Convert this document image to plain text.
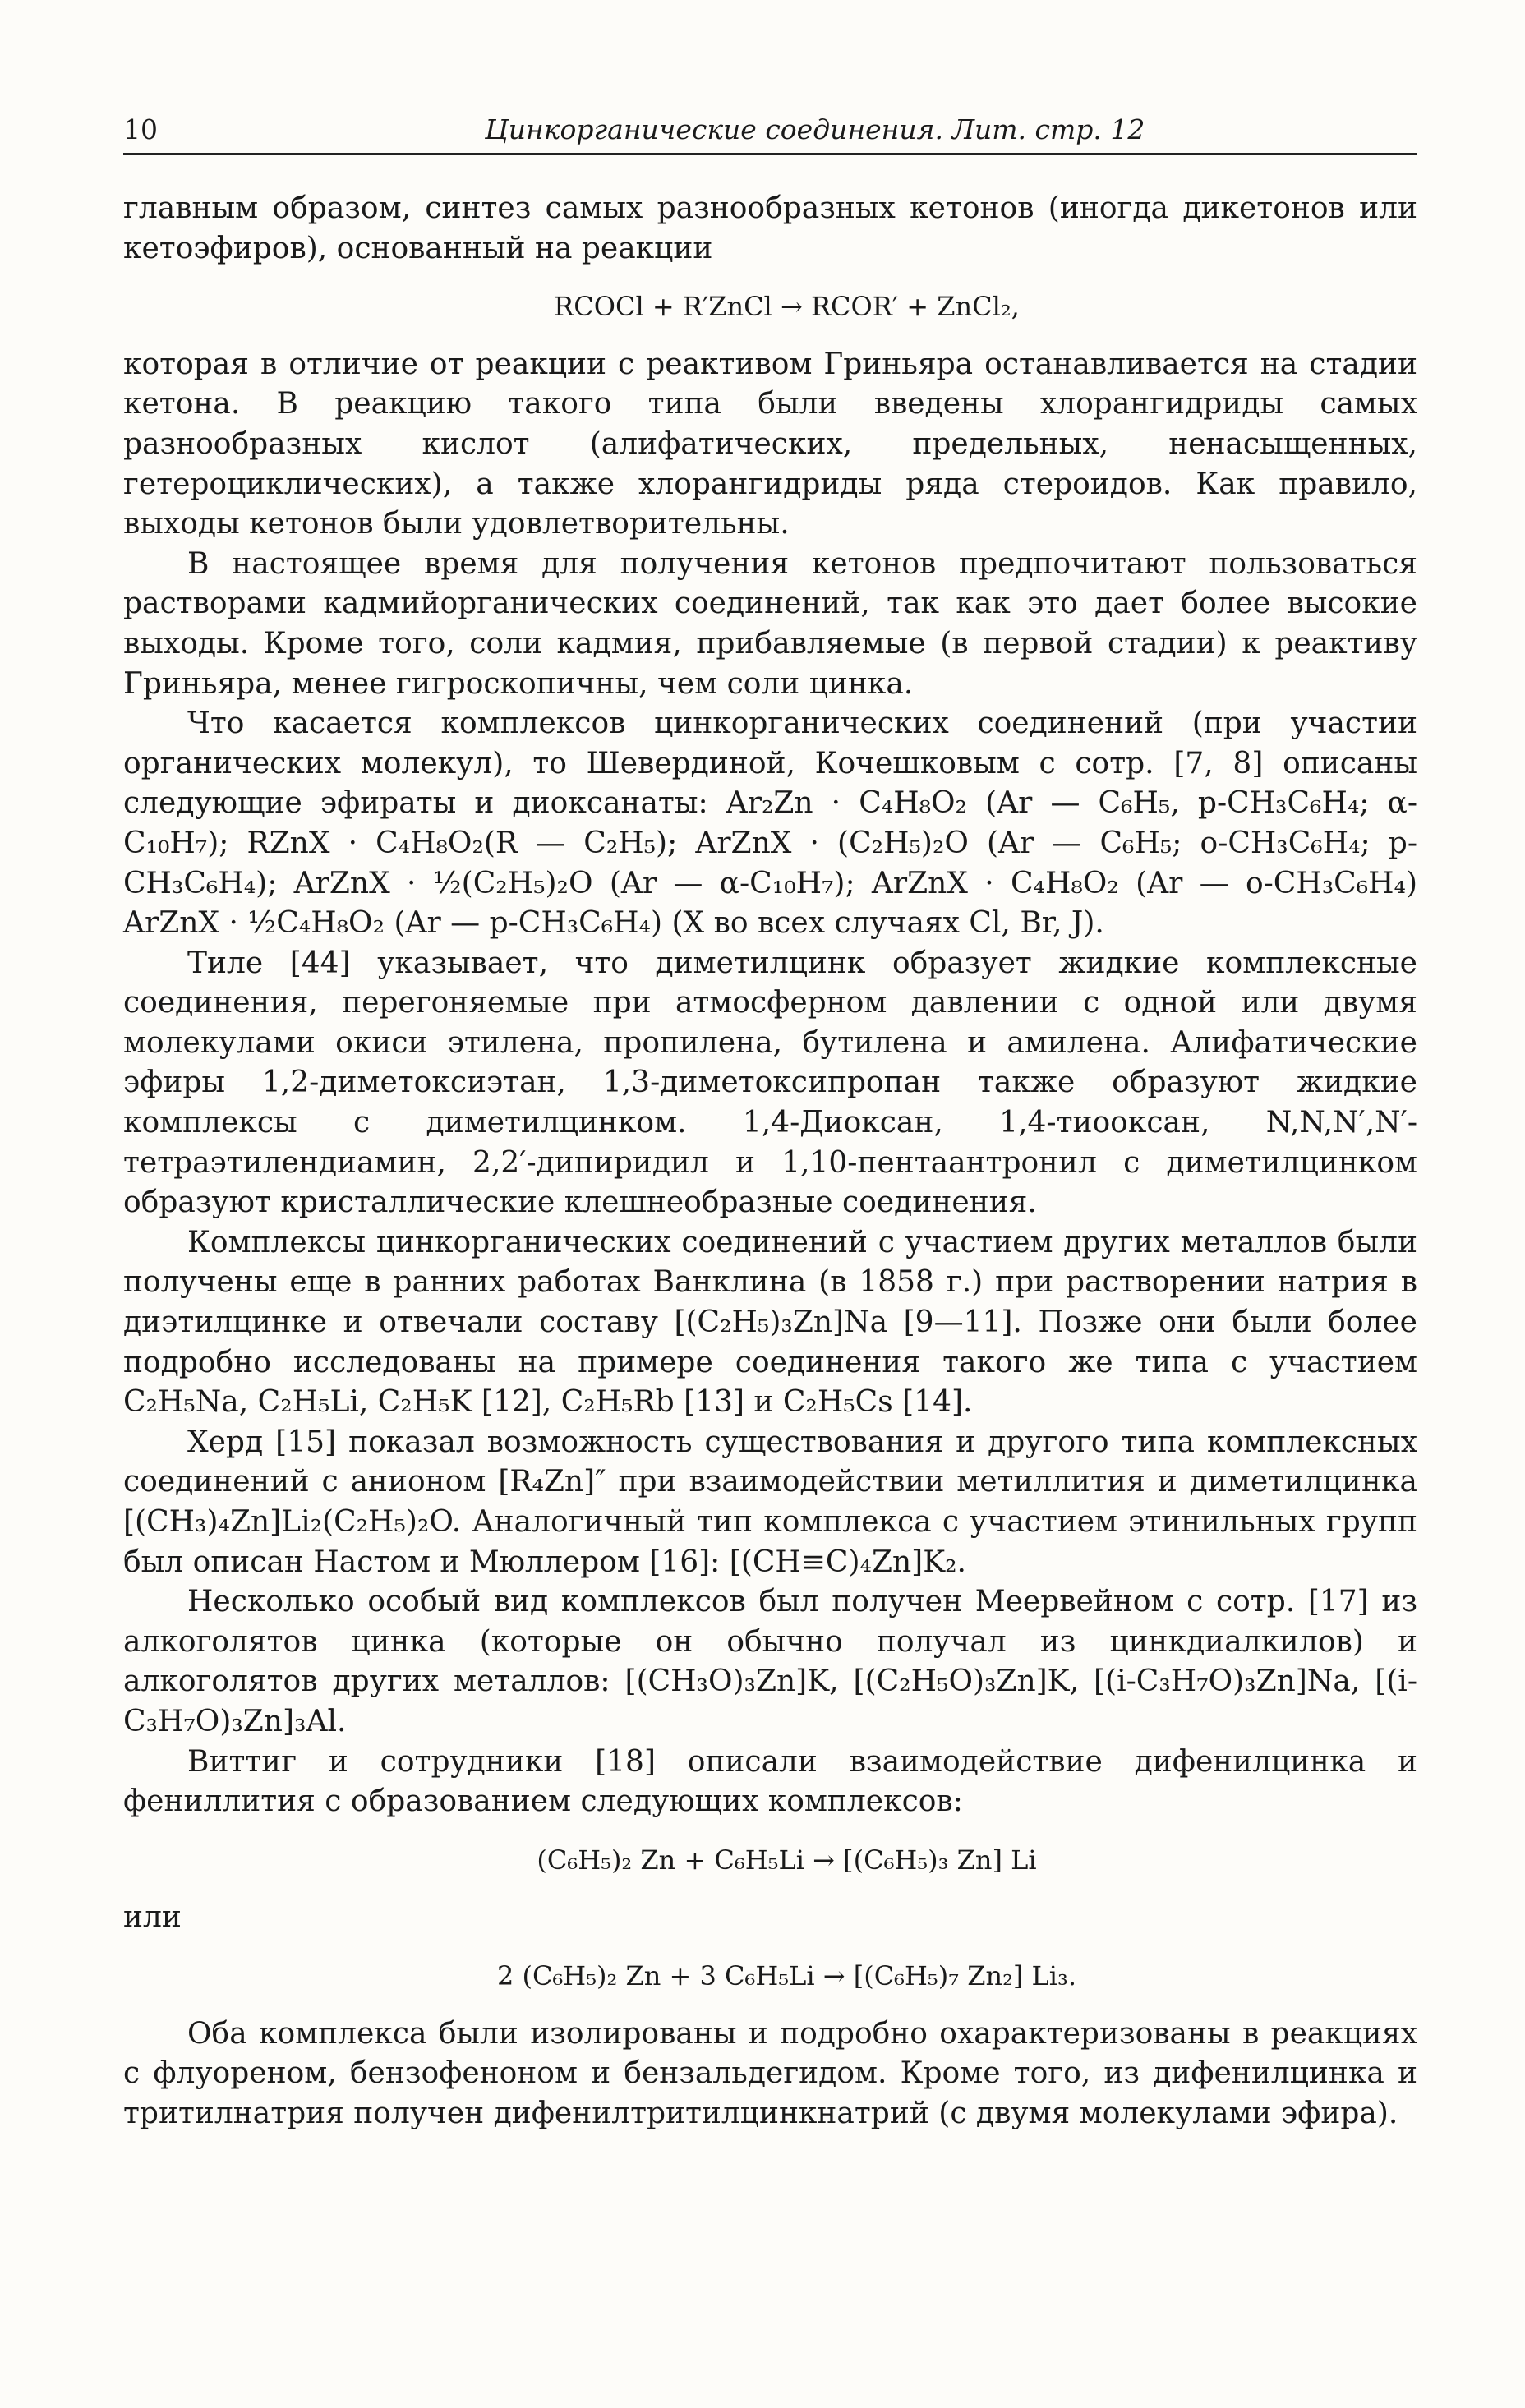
10	Цинкорганические соединения. Лит. стр. 12

главным образом, синтез самых разнообразных кетонов (иногда дикетонов или кетоэфиров), основанный на реакции

RCOCl + R′ZnCl → RCOR′ + ZnCl₂,

которая в отличие от реакции с реактивом Гриньяра останавливается на стадии кетона. В реакцию такого типа были введены хлорангидриды самых разнообразных кислот (алифатических, предельных, ненасыщенных, гетероциклических), а также хлорангидриды ряда стероидов. Как правило, выходы кетонов были удовлетворительны.

В настоящее время для получения кетонов предпочитают пользоваться растворами кадмийорганических соединений, так как это дает более высокие выходы. Кроме того, соли кадмия, прибавляемые (в первой стадии) к реактиву Гриньяра, менее гигроскопичны, чем соли цинка.

Что касается комплексов цинкорганических соединений (при участии органических молекул), то Шевердиной, Кочешковым с сотр. [7, 8] описаны следующие эфираты и диоксанаты: Ar₂Zn · C₄H₈O₂ (Ar — C₆H₅, p-CH₃C₆H₄; α-C₁₀H₇); RZnX · C₄H₈O₂(R — C₂H₅); ArZnX · (C₂H₅)₂O (Ar — C₆H₅; o-CH₃C₆H₄; p-CH₃C₆H₄); ArZnX · ½(C₂H₅)₂O (Ar — α-C₁₀H₇); ArZnX · C₄H₈O₂ (Ar — o-CH₃C₆H₄) ArZnX · ½C₄H₈O₂ (Ar — p-CH₃C₆H₄) (X во всех случаях Cl, Br, J).

Тиле [44] указывает, что диметилцинк образует жидкие комплексные соединения, перегоняемые при атмосферном давлении с одной или двумя молекулами окиси этилена, пропилена, бутилена и амилена. Алифатические эфиры 1,2-диметоксиэтан, 1,3-диметоксипропан также образуют жидкие комплексы с диметилцинком. 1,4-Диоксан, 1,4-тиооксан, N,N,N′,N′-тетраэтилендиамин, 2,2′-дипиридил и 1,10-пентаантронил с диметилцинком образуют кристаллические клешнеобразные соединения.

Комплексы цинкорганических соединений с участием других металлов были получены еще в ранних работах Ванклина (в 1858 г.) при растворении натрия в диэтилцинке и отвечали составу [(C₂H₅)₃Zn]Na [9—11]. Позже они были более подробно исследованы на примере соединения такого же типа с участием C₂H₅Na, C₂H₅Li, C₂H₅K [12], C₂H₅Rb [13] и C₂H₅Cs [14].

Херд [15] показал возможность существования и другого типа комплексных соединений с анионом [R₄Zn]″ при взаимодействии метиллития и диметилцинка [(CH₃)₄Zn]Li₂(C₂H₅)₂O. Аналогичный тип комплекса с участием этинильных групп был описан Настом и Мюллером [16]: [(CH≡C)₄Zn]K₂.

Несколько особый вид комплексов был получен Меервейном с сотр. [17] из алкоголятов цинка (которые он обычно получал из цинкдиалкилов) и алкоголятов других металлов: [(CH₃O)₃Zn]K, [(C₂H₅O)₃Zn]K, [(i-C₃H₇O)₃Zn]Na, [(i-C₃H₇O)₃Zn]₃Al.

Виттиг и сотрудники [18] описали взаимодействие дифенилцинка и фениллития с образованием следующих комплексов:

(C₆H₅)₂ Zn + C₆H₅Li → [(C₆H₅)₃ Zn] Li

или

2 (C₆H₅)₂ Zn + 3 C₆H₅Li → [(C₆H₅)₇ Zn₂] Li₃.

Оба комплекса были изолированы и подробно охарактеризованы в реакциях с флуореном, бензофеноном и бензальдегидом. Кроме того, из дифенилцинка и тритилнатрия получен дифенилтритилцинкнатрий (с двумя молекулами эфира).
